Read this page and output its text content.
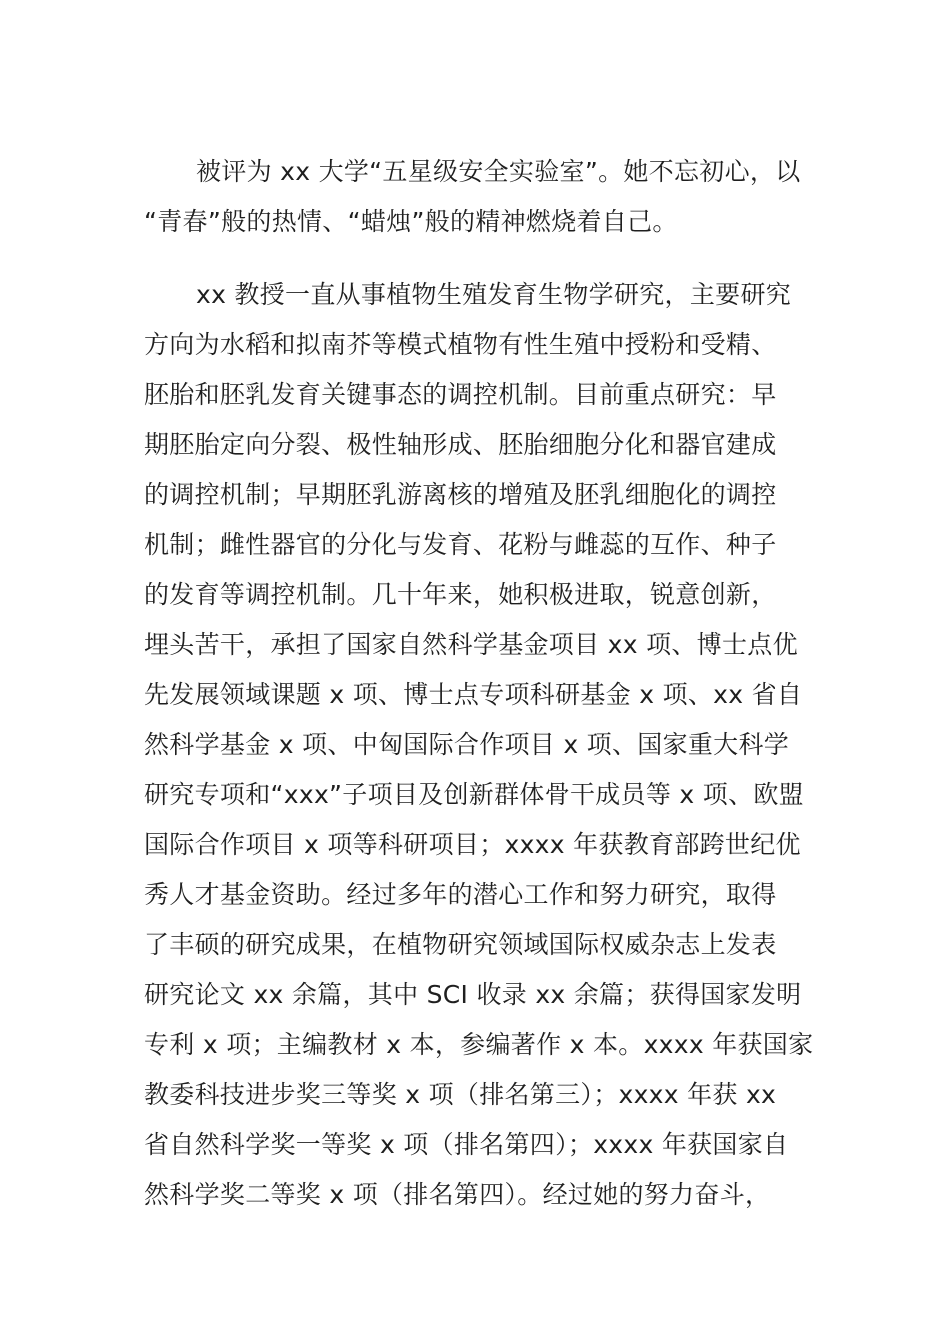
被评为 xx 大学“五星级安全实验室”。她不忘初心，以
“青春”般的热情、“蜡烛”般的精神燃烧着自己。
xx 教授一直从事植物生殖发育生物学研究，主要研究
方向为水稻和拟南芥等模式植物有性生殖中授粉和受精、
胚胎和胚乳发育关键事态的调控机制。目前重点研究：早
期胚胎定向分裂、极性轴形成、胚胎细胞分化和器官建成
的调控机制；早期胚乳游离核的增殖及胚乳细胞化的调控
机制；雌性器官的分化与发育、花粉与雌蕊的互作、种子
的发育等调控机制。几十年来，她积极进取，锐意创新，
埋头苦干，承担了国家自然科学基金项目 xx 项、博士点优
先发展领域课题 x 项、博士点专项科研基金 x 项、xx 省自
然科学基金 x 项、中匈国际合作项目 x 项、国家重大科学
研究专项和“xxx”子项目及创新群体骨干成员等 x 项、欧盟
国际合作项目 x 项等科研项目；xxxx 年获教育部跨世纪优
秀人才基金资助。经过多年的潜心工作和努力研究，取得
了丰硕的研究成果，在植物研究领域国际权威杂志上发表
研究论文 xx 余篇，其中 SCI 收录 xx 余篇；获得国家发明
专利 x 项；主编教材 x 本，参编著作 x 本。xxxx 年获国家
教委科技进步奖三等奖 x 项（排名第三）；xxxx 年获 xx
省自然科学奖一等奖 x 项（排名第四）；xxxx 年获国家自
然科学奖二等奖 x 项（排名第四）。经过她的努力奋斗，
